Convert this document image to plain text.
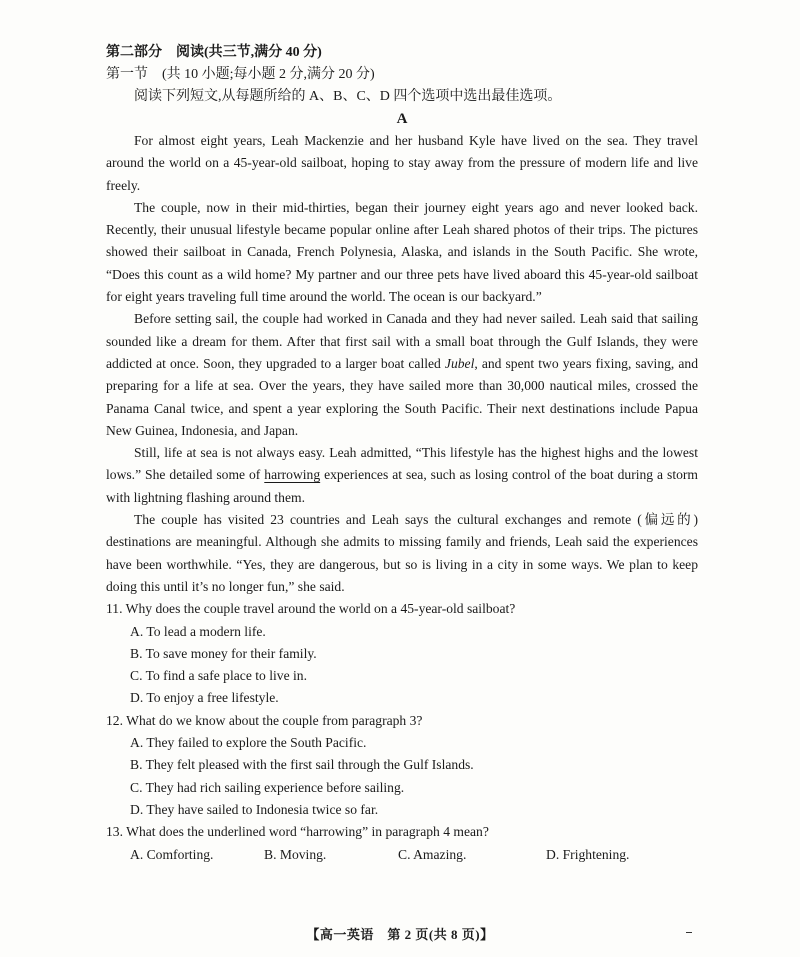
第二部分　阅读(共三节,满分 40 分)
第一节　(共 10 小题;每小题 2 分,满分 20 分)
阅读下列短文,从每题所给的 A、B、C、D 四个选项中选出最佳选项。
A

For almost eight years, Leah Mackenzie and her husband Kyle have lived on the sea. They travel around the world on a 45-year-old sailboat, hoping to stay away from the pressure of modern life and live freely.

The couple, now in their mid-thirties, began their journey eight years ago and never looked back. Recently, their unusual lifestyle became popular online after Leah shared photos of their trips. The pictures showed their sailboat in Canada, French Polynesia, Alaska, and islands in the South Pacific. She wrote, “Does this count as a wild home? My partner and our three pets have lived aboard this 45-year-old sailboat for eight years traveling full time around the world. The ocean is our backyard.”

Before setting sail, the couple had worked in Canada and they had never sailed. Leah said that sailing sounded like a dream for them. After that first sail with a small boat through the Gulf Islands, they were addicted at once. Soon, they upgraded to a larger boat called Jubel, and spent two years fixing, saving, and preparing for a life at sea. Over the years, they have sailed more than 30,000 nautical miles, crossed the Panama Canal twice, and spent a year exploring the South Pacific. Their next destinations include Papua New Guinea, Indonesia, and Japan.

Still, life at sea is not always easy. Leah admitted, “This lifestyle has the highest highs and the lowest lows.” She detailed some of harrowing experiences at sea, such as losing control of the boat during a storm with lightning flashing around them.

The couple has visited 23 countries and Leah says the cultural exchanges and remote (偏远的) destinations are meaningful. Although she admits to missing family and friends, Leah said the experiences have been worthwhile. “Yes, they are dangerous, but so is living in a city in some ways. We plan to keep doing this until it’s no longer fun,” she said.

11. Why does the couple travel around the world on a 45-year-old sailboat?
A. To lead a modern life.
B. To save money for their family.
C. To find a safe place to live in.
D. To enjoy a free lifestyle.
12. What do we know about the couple from paragraph 3?
A. They failed to explore the South Pacific.
B. They felt pleased with the first sail through the Gulf Islands.
C. They had rich sailing experience before sailing.
D. They have sailed to Indonesia twice so far.
13. What does the underlined word “harrowing” in paragraph 4 mean?
A. Comforting.	B. Moving.	C. Amazing.	D. Frightening.
【高一英语　第 2 页(共 8 页)】
